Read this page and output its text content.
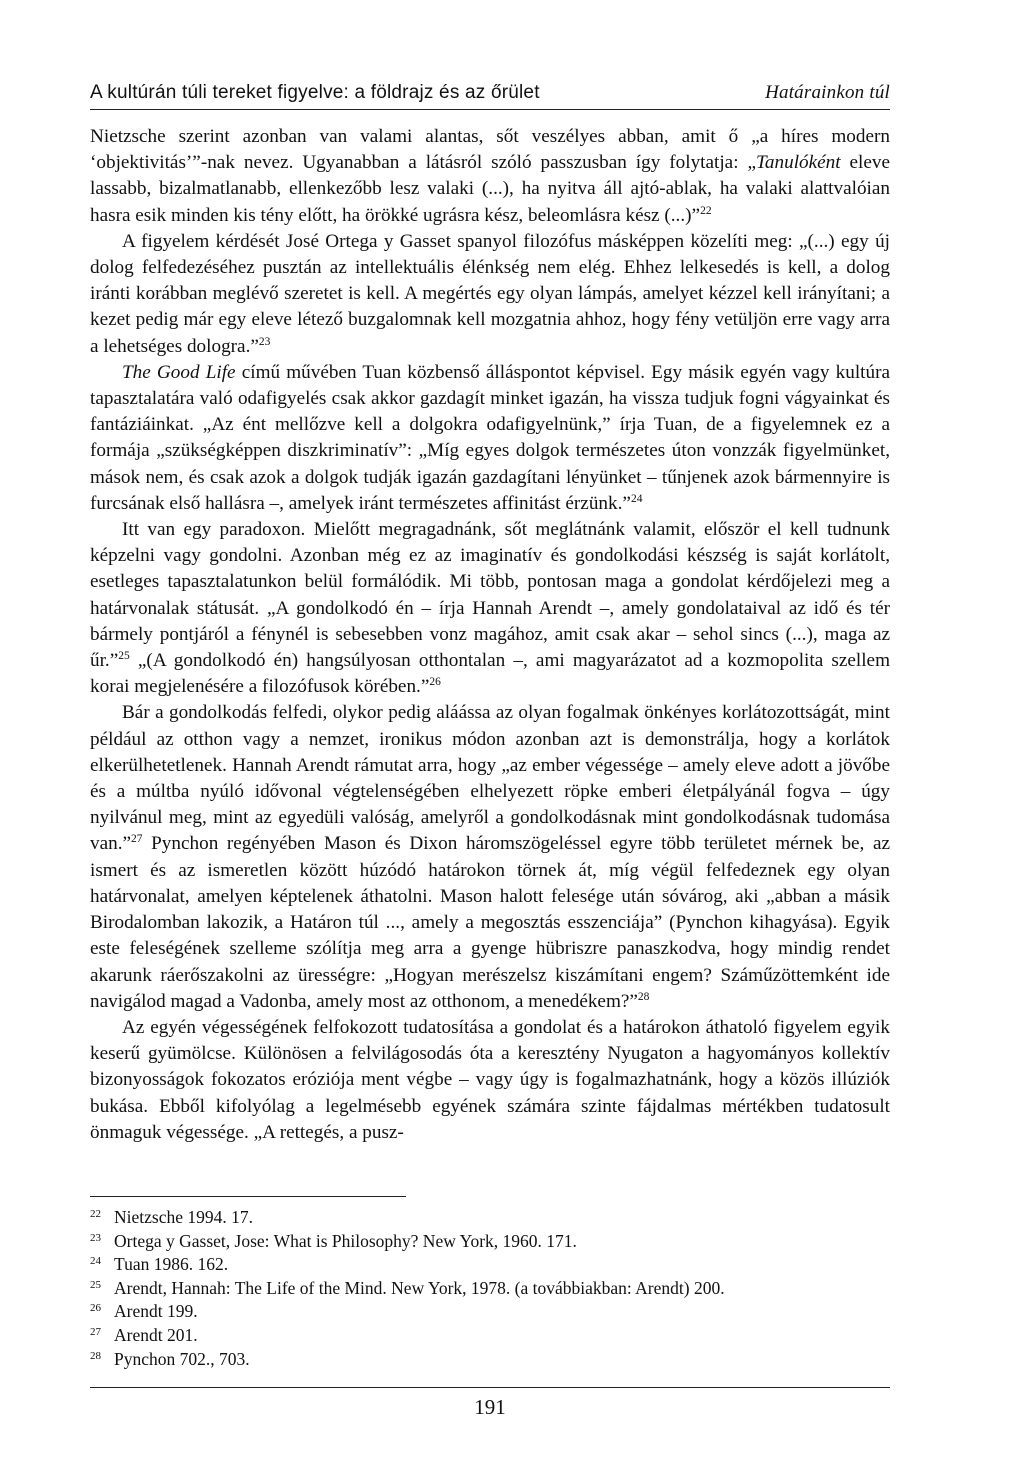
A kultúrán túli tereket figyelve: a földrajz és az őrület	Határainkon túl

Nietzsche szerint azonban van valami alantas, sőt veszélyes abban, amit ő „a híres modern ‘objektivitás’”-nak nevez. Ugyanabban a látásról szóló passzusban így folytatja: „Tanulóként eleve lassabb, bizalmatlanabb, ellenkezőbb lesz valaki (...), ha nyitva áll ajtó-ablak, ha valaki alattvalóian hasra esik minden kis tény előtt, ha örökké ugrásra kész, beleomlásra kész (...)”$^{22}$

A figyelem kérdését José Ortega y Gasset spanyol filozófus másképpen közelíti meg: „(...) egy új dolog felfedezéséhez pusztán az intellektuális élénkség nem elég. Ehhez lelkesedés is kell, a dolog iránti korábban meglévő szeretet is kell. A megértés egy olyan lámpás, amelyet kézzel kell irányítani; a kezet pedig már egy eleve létező buzgalomnak kell mozgatnia ahhoz, hogy fény vetüljön erre vagy arra a lehetséges dologra.”$^{23}$

The Good Life című művében Tuan közbenső álláspontot képvisel. Egy másik egyén vagy kultúra tapasztalatára való odafigyelés csak akkor gazdagít minket igazán, ha vissza tudjuk fogni vágyainkat és fantáziáinkat. „Az ént mellőzve kell a dolgokra odafigyelnünk,” írja Tuan, de a figyelemnek ez a formája „szükségképpen diszkriminatív”: „Míg egyes dolgok természetes úton vonzzák figyelmünket, mások nem, és csak azok a dolgok tudják igazán gazdagítani lényünket – tűnjenek azok bármennyire is furcsának első hallásra –, amelyek iránt természetes affinitást érzünk.”$^{24}$

Itt van egy paradoxon. Mielőtt megragadnánk, sőt meglátnánk valamit, először el kell tudnunk képzelni vagy gondolni. Azonban még ez az imaginatív és gondolkodási készség is saját korlátolt, esetleges tapasztalatunkon belül formálódik. Mi több, pontosan maga a gondolat kérdőjelezi meg a határvonalak státusát. „A gondolkodó én – írja Hannah Arendt –, amely gondolataival az idő és tér bármely pontjáról a fénynél is sebesebben vonz magához, amit csak akar – sehol sincs (...), maga az űr.”$^{25}$ „(A gondolkodó én) hangsúlyosan otthontalan –, ami magyarázatot ad a kozmopolita szellem korai megjelenésére a filozófusok körében.”$^{26}$

Bár a gondolkodás felfedi, olykor pedig aláássa az olyan fogalmak önkényes korlátozottságát, mint például az otthon vagy a nemzet, ironikus módon azonban azt is demonstrálja, hogy a korlátok elkerülhetetlenek. Hannah Arendt rámutat arra, hogy „az ember végessége – amely eleve adott a jövőbe és a múltba nyúló idővonal végtelenségében elhelyezett röpke emberi életpályánál fogva – úgy nyilvánul meg, mint az egyedüli valóság, amelyről a gondolkodásnak mint gondolkodásnak tudomása van.”$^{27}$ Pynchon regényében Mason és Dixon háromszögeléssel egyre több területet mérnek be, az ismert és az ismeretlen között húzódó határokon törnek át, míg végül felfedeznek egy olyan határvonalat, amelyen képtelenek áthatolni. Mason halott felesége után sóvárog, aki „abban a másik Birodalomban lakozik, a Határon túl ..., amely a megosztás esszenciája” (Pynchon kihagyása). Egyik este feleségének szelleme szólítja meg arra a gyenge hübriszre panaszkodva, hogy mindig rendet akarunk ráerőszakolni az ürességre: „Hogyan merészelsz kiszámítani engem? Száműzöttemként ide navigálod magad a Vadonba, amely most az otthonom, a menedékem?”$^{28}$

Az egyén végességének felfokozott tudatosítása a gondolat és a határokon áthatoló figyelem egyik keserű gyümölcse. Különösen a felvilágosodás óta a keresztény Nyugaton a hagyományos kollektív bizonyosságok fokozatos eróziója ment végbe – vagy úgy is fogalmazhatnánk, hogy a közös illúziók bukása. Ebből kifolyólag a legelmésebb egyének számára szinte fájdalmas mértékben tudatosult önmaguk végessége. „A rettegés, a pusz-

22 Nietzsche 1994. 17.
23 Ortega y Gasset, Jose: What is Philosophy? New York, 1960. 171.
24 Tuan 1986. 162.
25 Arendt, Hannah: The Life of the Mind. New York, 1978. (a továbbiakban: Arendt) 200.
26 Arendt 199.
27 Arendt 201.
28 Pynchon 702., 703.
191
